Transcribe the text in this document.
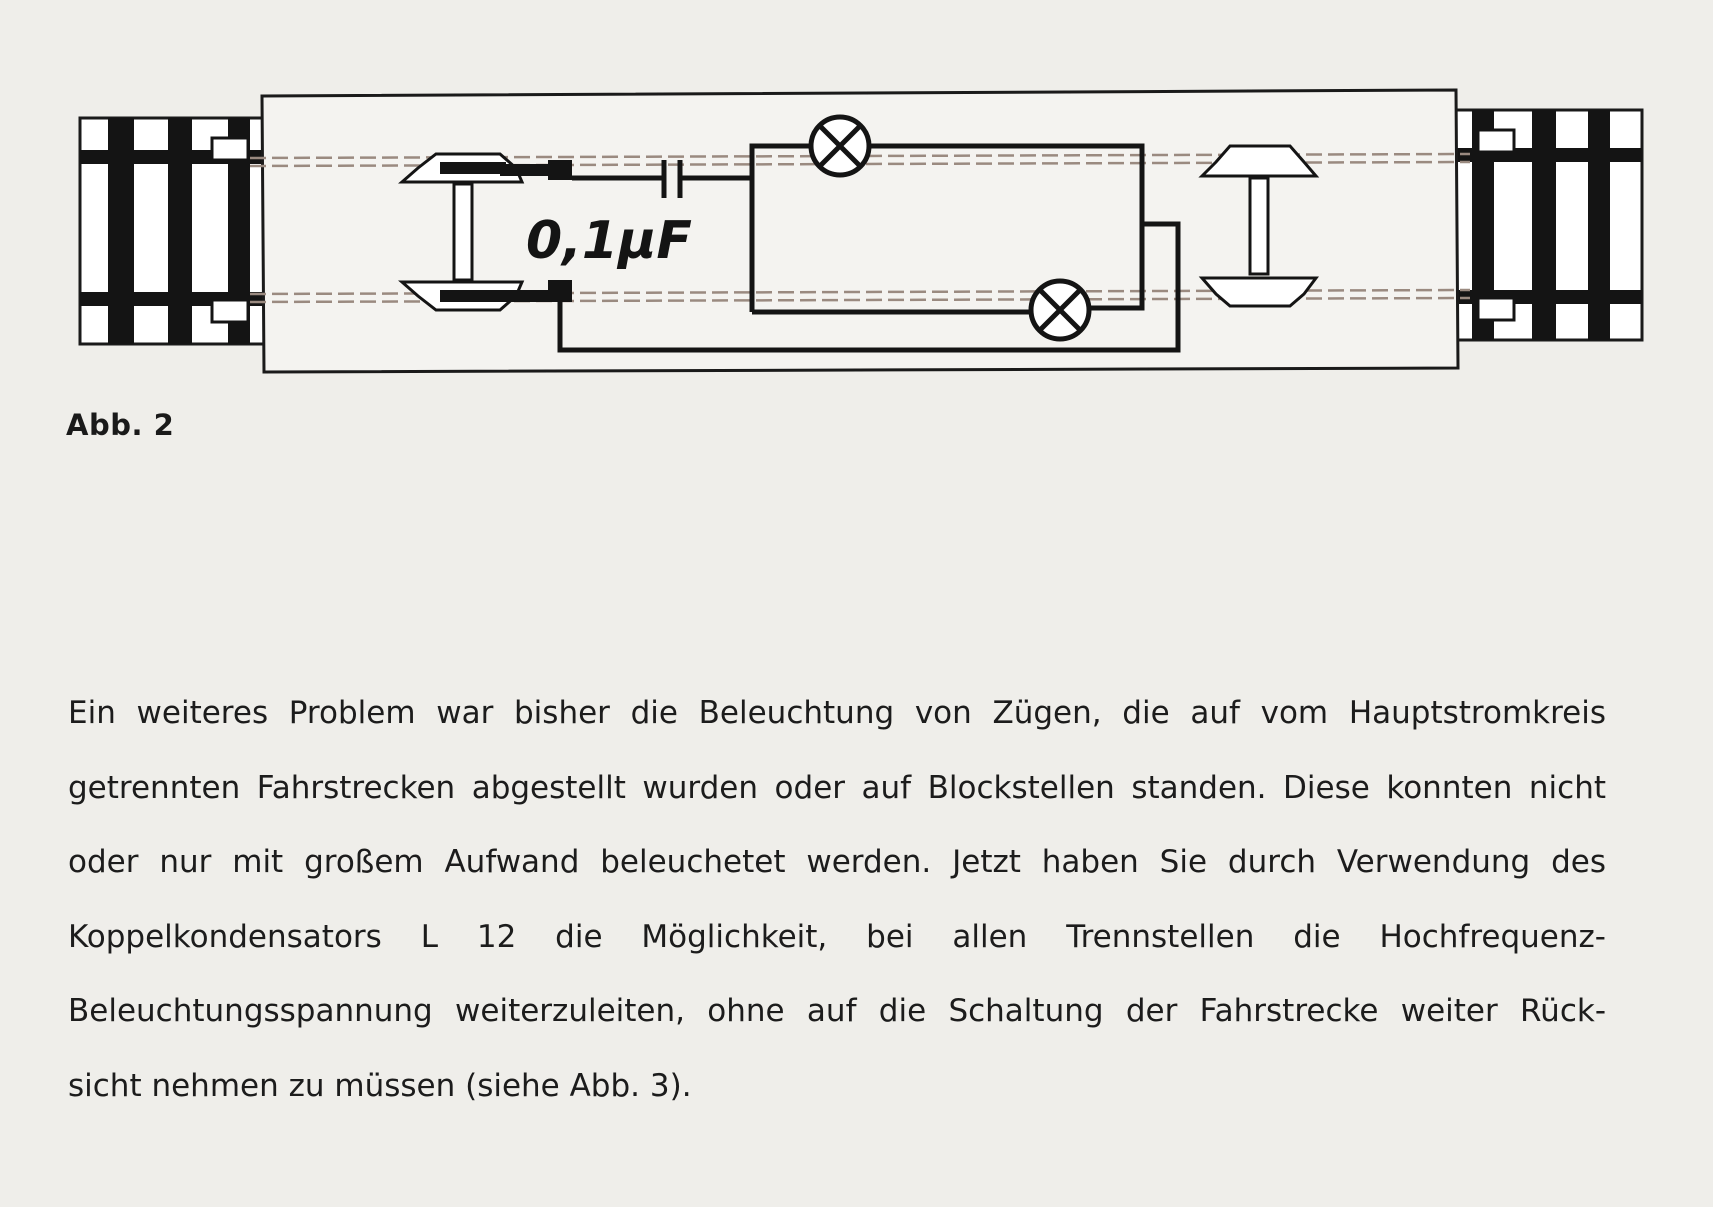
0,1μF
Abb. 2
Ein weiteres Problem war bisher die Beleuchtung von Zügen, die auf vom Hauptstromkreis
getrennten Fahrstrecken abgestellt wurden oder auf Blockstellen standen. Diese konnten nicht
oder nur mit großem Aufwand beleuchetet werden. Jetzt haben Sie durch Verwendung des
Koppelkondensators L 12 die Möglichkeit, bei allen Trennstellen die Hochfrequenz-
Beleuchtungsspannung weiterzuleiten, ohne auf die Schaltung der Fahrstrecke weiter Rück-
sicht nehmen zu müssen (siehe Abb. 3).
